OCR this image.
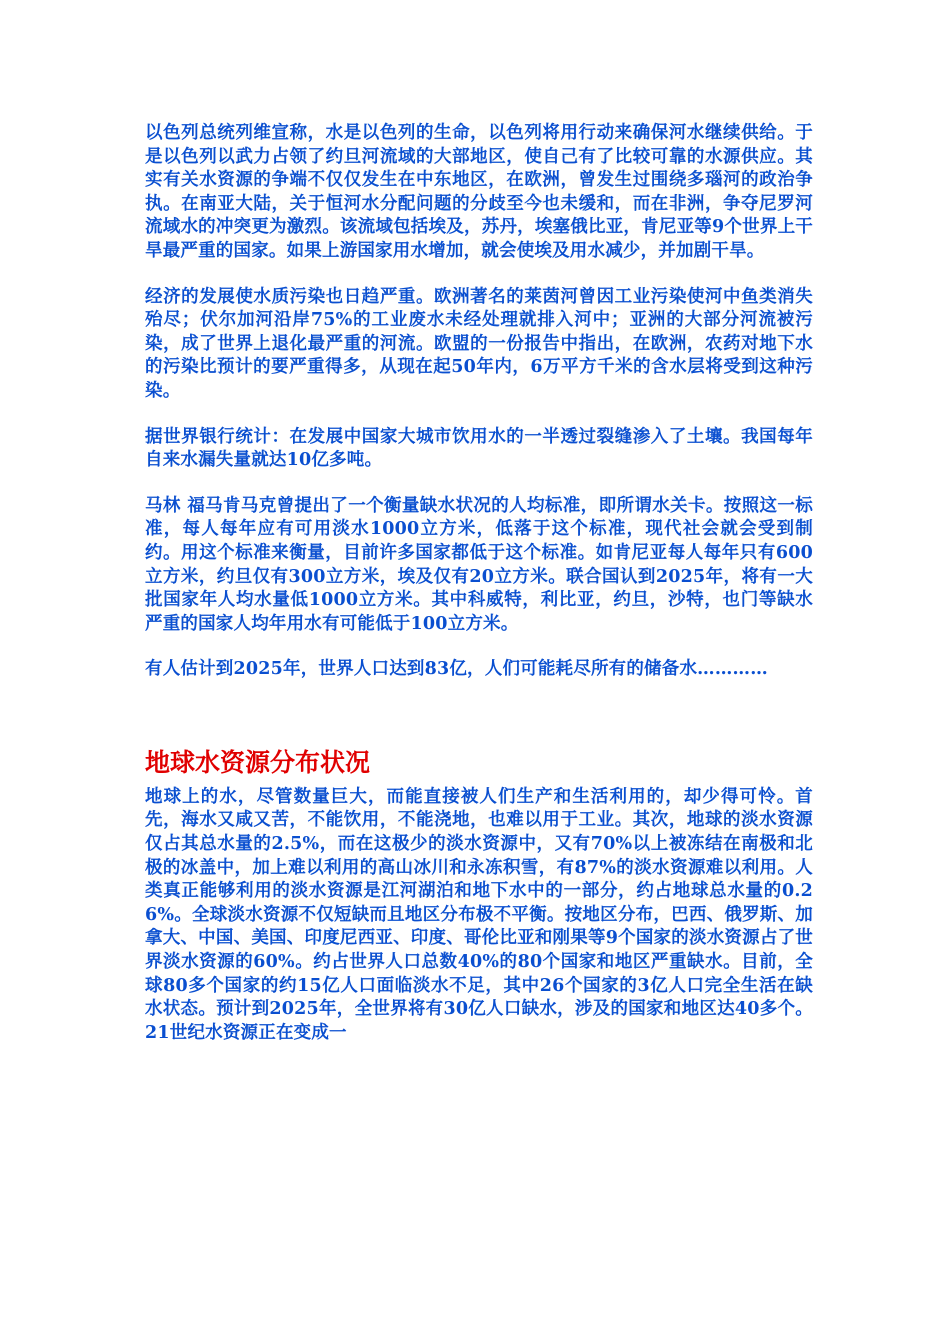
以色列总统列维宣称，水是以色列的生命，以色列将用行动来确保河水继续供给。于是以色列以武力占领了约旦河流域的大部地区，使自己有了比较可靠的水源供应。其实有关水资源的争端不仅仅发生在中东地区，在欧洲，曾发生过围绕多瑙河的政治争执。在南亚大陆，关于恒河水分配问题的分歧至今也未缓和，而在非洲，争夺尼罗河流域水的冲突更为激烈。该流域包括埃及，苏丹，埃塞俄比亚，肯尼亚等9个世界上干旱最严重的国家。如果上游国家用水增加，就会使埃及用水减少，并加剧干旱。

经济的发展使水质污染也日趋严重。欧洲著名的莱茵河曾因工业污染使河中鱼类消失殆尽；伏尔加河沿岸75%的工业废水未经处理就排入河中；亚洲的大部分河流被污染，成了世界上退化最严重的河流。欧盟的一份报告中指出，在欧洲，农药对地下水的污染比预计的要严重得多，从现在起50年内，6万平方千米的含水层将受到这种污染。

据世界银行统计：在发展中国家大城市饮用水的一半透过裂缝渗入了土壤。我国每年自来水漏失量就达10亿多吨。

马林 福马肯马克曾提出了一个衡量缺水状况的人均标准，即所谓水关卡。按照这一标准，每人每年应有可用淡水1000立方米，低落于这个标准，现代社会就会受到制约。用这个标准来衡量，目前许多国家都低于这个标准。如肯尼亚每人每年只有600立方米，约旦仅有300立方米，埃及仅有20立方米。联合国认到2025年，将有一大批国家年人均水量低1000立方米。其中科威特，利比亚，约旦，沙特，也门等缺水严重的国家人均年用水有可能低于100立方米。

有人估计到2025年，世界人口达到83亿，人们可能耗尽所有的储备水…………

地球水资源分布状况

地球上的水，尽管数量巨大，而能直接被人们生产和生活利用的，却少得可怜。首先，海水又咸又苦，不能饮用，不能浇地，也难以用于工业。其次，地球的淡水资源仅占其总水量的2.5%，而在这极少的淡水资源中，又有70%以上被冻结在南极和北极的冰盖中，加上难以利用的高山冰川和永冻积雪，有87%的淡水资源难以利用。人类真正能够利用的淡水资源是江河湖泊和地下水中的一部分，约占地球总水量的0.26%。全球淡水资源不仅短缺而且地区分布极不平衡。按地区分布，巴西、俄罗斯、加拿大、中国、美国、印度尼西亚、印度、哥伦比亚和刚果等9个国家的淡水资源占了世界淡水资源的60%。约占世界人口总数40%的80个国家和地区严重缺水。目前，全球80多个国家的约15亿人口面临淡水不足，其中26个国家的3亿人口完全生活在缺水状态。预计到2025年，全世界将有30亿人口缺水，涉及的国家和地区达40多个。21世纪水资源正在变成一
